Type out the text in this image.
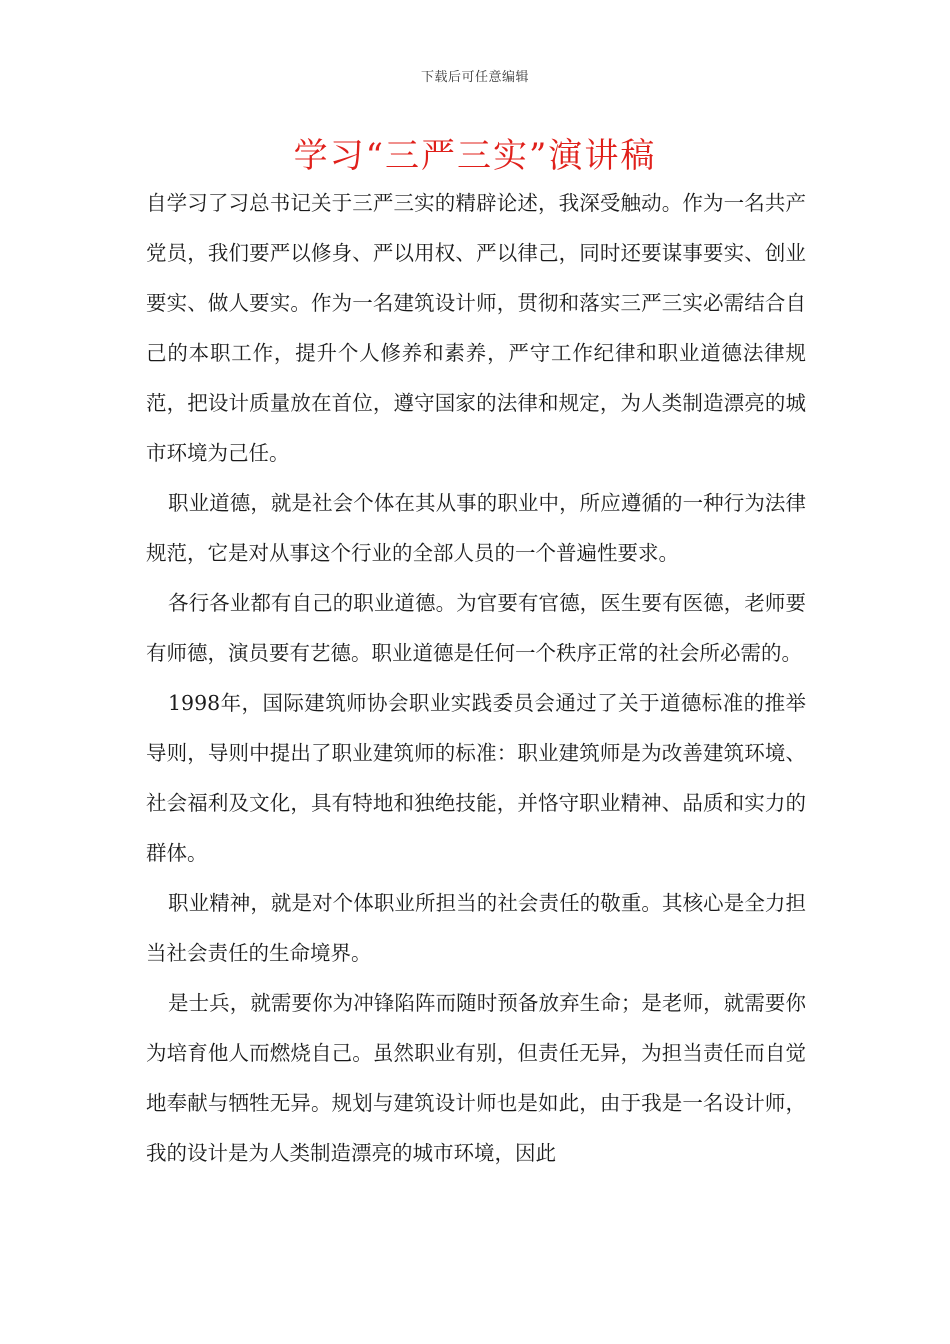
下载后可任意编辑
学习“三严三实”演讲稿

自学习了习总书记关于三严三实的精辟论述，我深受触动。作为一名共产党员，我们要严以修身、严以用权、严以律己，同时还要谋事要实、创业要实、做人要实。作为一名建筑设计师，贯彻和落实三严三实必需结合自己的本职工作，提升个人修养和素养，严守工作纪律和职业道德法律规范，把设计质量放在首位，遵守国家的法律和规定，为人类制造漂亮的城市环境为己任。

职业道德，就是社会个体在其从事的职业中，所应遵循的一种行为法律规范，它是对从事这个行业的全部人员的一个普遍性要求。

各行各业都有自己的职业道德。为官要有官德，医生要有医德，老师要有师德，演员要有艺德。职业道德是任何一个秩序正常的社会所必需的。

1998年，国际建筑师协会职业实践委员会通过了关于道德标准的推举导则，导则中提出了职业建筑师的标准：职业建筑师是为改善建筑环境、社会福利及文化，具有特地和独绝技能，并恪守职业精神、品质和实力的群体。

职业精神，就是对个体职业所担当的社会责任的敬重。其核心是全力担当社会责任的生命境界。

是士兵，就需要你为冲锋陷阵而随时预备放弃生命；是老师，就需要你为培育他人而燃烧自己。虽然职业有别，但责任无异，为担当责任而自觉地奉献与牺牲无异。规划与建筑设计师也是如此，由于我是一名设计师，我的设计是为人类制造漂亮的城市环境，因此
